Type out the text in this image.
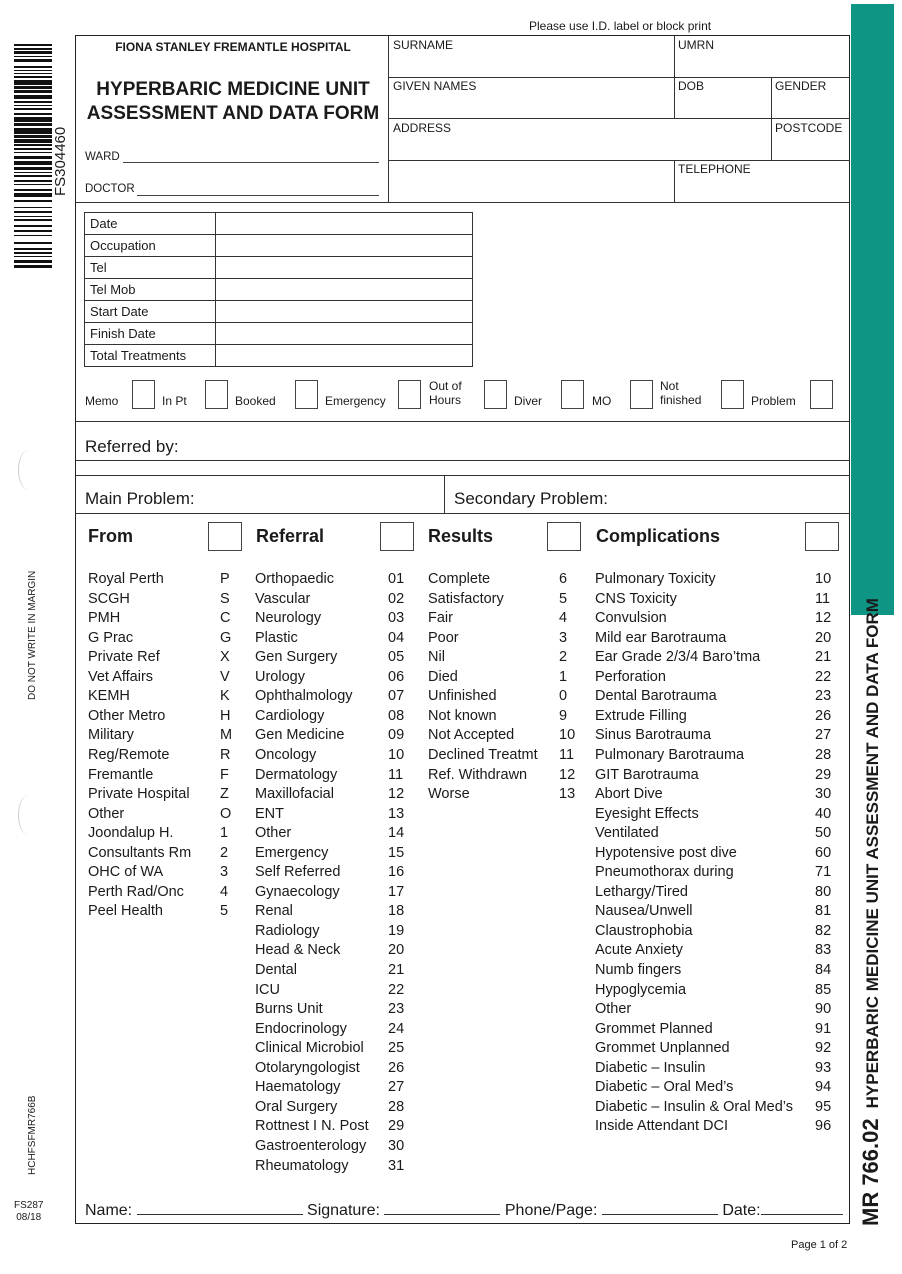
FS304460
DO NOT WRITE IN MARGIN
HCHFSFMR766B
FS287
08/18	MR 766.02HYPERBARIC MEDICINE UNIT ASSESSMENT AND DATA FORM
Please use I.D. label or block print
FIONA STANLEY FREMANTLE HOSPITAL
HYPERBARIC MEDICINE UNIT
ASSESSMENT AND DATA FORM
WARD
DOCTOR
SURNAME	UMRN
GIVEN NAMES	DOB	GENDER
ADDRESS	POSTCODE
TELEPHONE
Date	
Occupation	
Tel	
Tel Mob	
Start Date	
Finish Date	
Total Treatments	
Memo	In Pt	Booked	Emergency
Out of
Hours	Diver	MO
Not
finished	Problem
Referred by:
Main Problem:	Secondary Problem:
From	Referral	Results	Complications
Royal Perth	P
SCGH	S
PMH	C
G Prac	G
Private Ref	X
Vet Affairs	V
KEMH	K
Other Metro	H
Military	M
Reg/Remote	R
Fremantle	F
Private Hospital Z
Other	O
Joondalup H.	1
Consultants Rm 2
OHC of WA	3
Perth Rad/Onc 4
Peel Health	5
Orthopaedic	01
Vascular	02
Neurology	03
Plastic	04
Gen Surgery	05
Urology	06
Ophthalmology 07
Cardiology	08
Gen Medicine	09
Oncology	10
Dermatology	11
Maxillofacial	12
ENT	13
Other	14
Emergency	15
Self Referred	16
Gynaecology	17
Renal	18
Radiology	19
Head & Neck	20
Dental	21
ICU	22
Burns Unit	23
Endocrinology	24
Clinical Microbiol 25
Otolaryngologist 26
Haematology	27
Oral Surgery	28
Rottnest I N. Post 29
Gastroenterology 30
Rheumatology	31
Complete	6
Satisfactory	5
Fair	4
Poor	3
Nil	2
Died	1
Unfinished	0
Not known	9
Not Accepted	10
Declined Treatmt 11
Ref. Withdrawn 12
Worse	13
Pulmonary Toxicity	10
CNS Toxicity	11
Convulsion	12
Mild ear Barotrauma	20
Ear Grade 2/3/4 Baro’tma	21
Perforation	22
Dental Barotrauma	23
Extrude Filling	26
Sinus Barotrauma	27
Pulmonary Barotrauma	28
GIT Barotrauma	29
Abort Dive	30
Eyesight Effects	40
Ventilated	50
Hypotensive post dive	60
Pneumothorax during	71
Lethargy/Tired	80
Nausea/Unwell	81
Claustrophobia	82
Acute Anxiety	83
Numb fingers	84
Hypoglycemia	85
Other	90
Grommet Planned	91
Grommet Unplanned	92
Diabetic – Insulin	93
Diabetic – Oral Med’s	94
Diabetic – Insulin & Oral Med’s 95
Inside Attendant DCI	96
Name:	Signature:	Phone/Page:	Date:
Page 1 of 2
